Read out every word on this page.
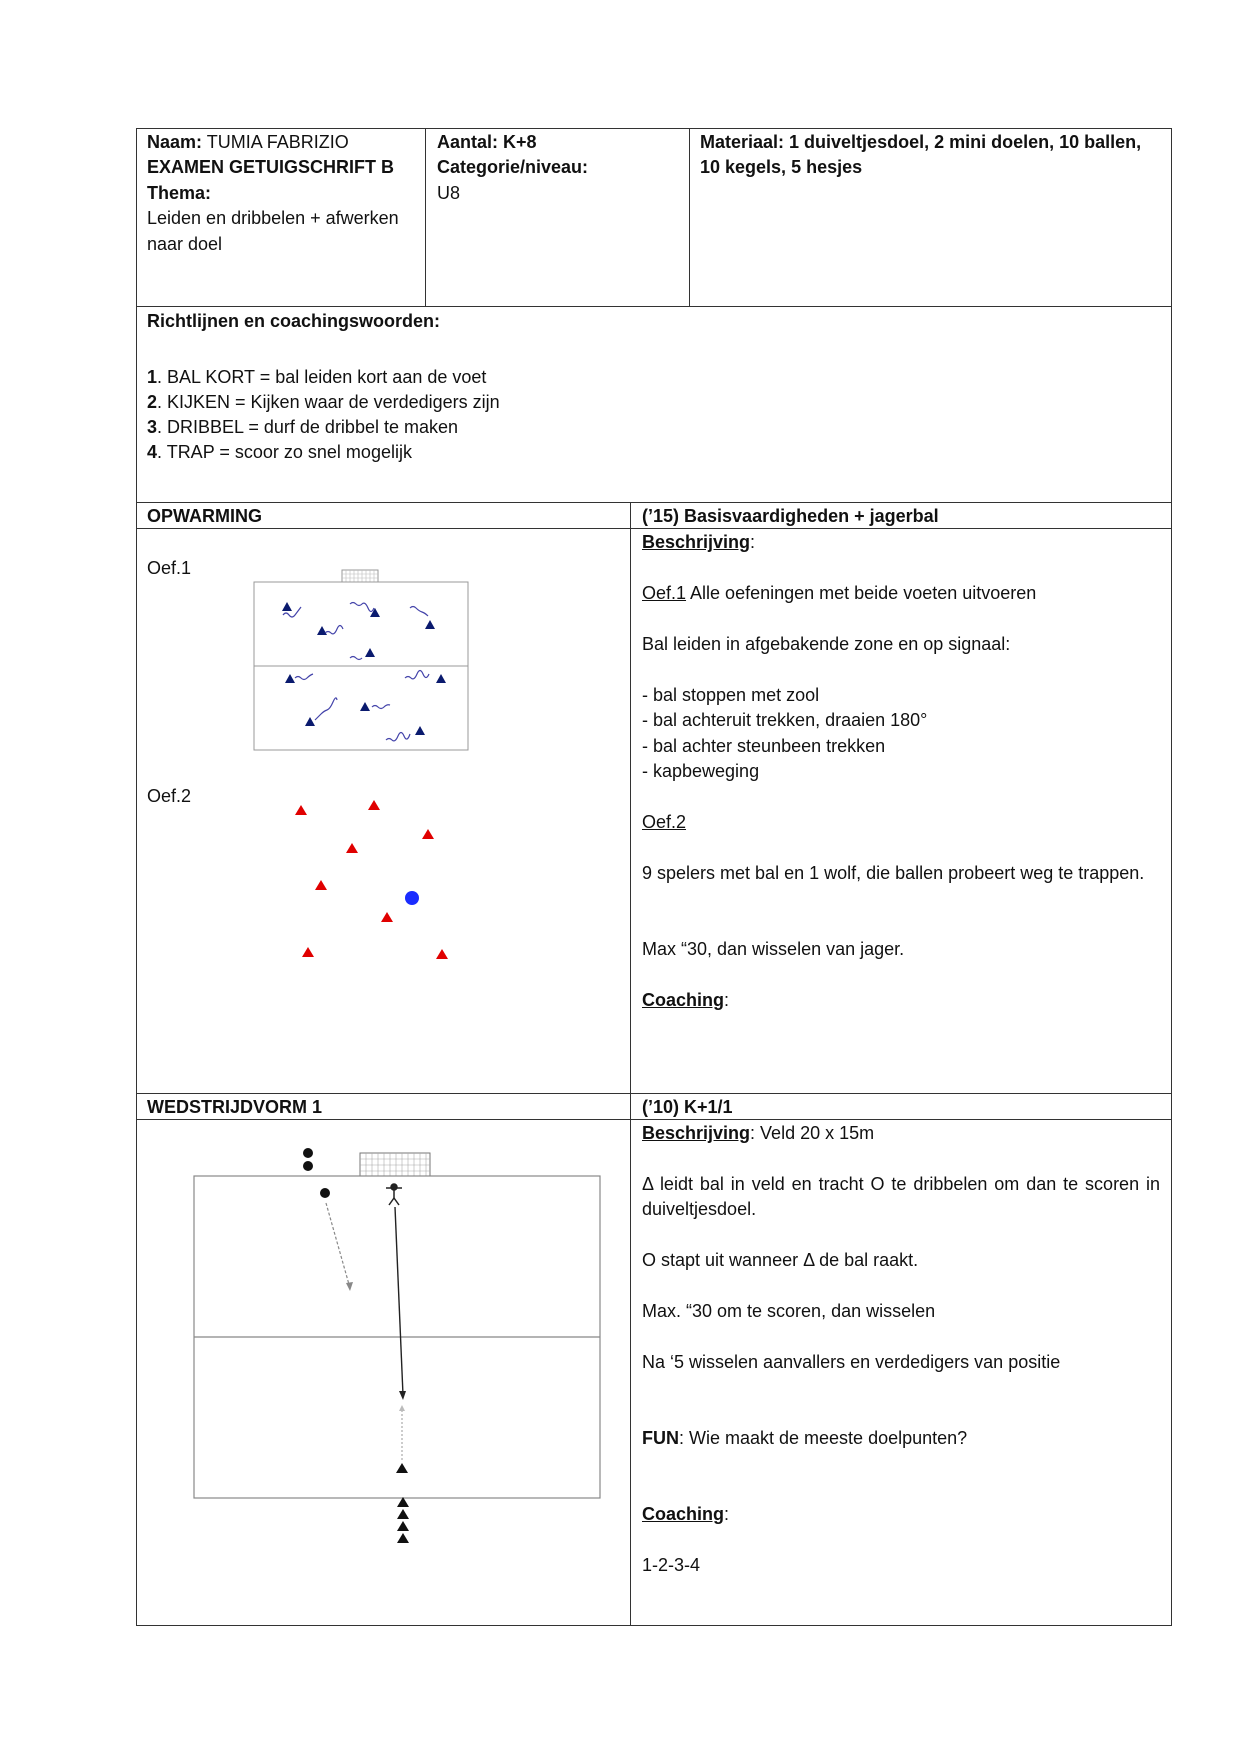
Naam: TUMIA FABRIZIO
EXAMEN GETUIGSCHRIFT B
Thema:
Leiden en dribbelen + afwerken
naar doel
Aantal: K+8
Categorie/niveau:
U8
Materiaal: 1 duiveltjesdoel, 2 mini doelen, 10 ballen,
10 kegels, 5 hesjes
Richtlijnen en coachingswoorden:
1. BAL KORT = bal leiden kort aan de voet
2. KIJKEN = Kijken waar de verdedigers zijn
3. DRIBBEL = durf de dribbel te maken
4. TRAP = scoor zo snel mogelijk
OPWARMING	(’15) Basisvaardigheden + jagerbal
Oef.1
Oef.2
Beschrijving:
Oef.1 Alle oefeningen met beide voeten uitvoeren
Bal leiden in afgebakende zone en op signaal:
- bal stoppen met zool
- bal achteruit trekken, draaien 180°
- bal achter steunbeen trekken
- kapbeweging
Oef.2
9 spelers met bal en 1 wolf, die ballen probeert weg te trappen.
Max “30, dan wisselen van jager.
Coaching:
WEDSTRIJDVORM 1	(’10) K+1/1
Beschrijving: Veld 20 x 15m
Δ leidt bal in veld en tracht O te dribbelen om dan te scoren in duiveltjesdoel.
O stapt uit wanneer Δ de bal raakt.
Max. “30 om te scoren, dan wisselen
Na ‘5 wisselen aanvallers en verdedigers van positie
FUN: Wie maakt de meeste doelpunten?
Coaching:
1-2-3-4
